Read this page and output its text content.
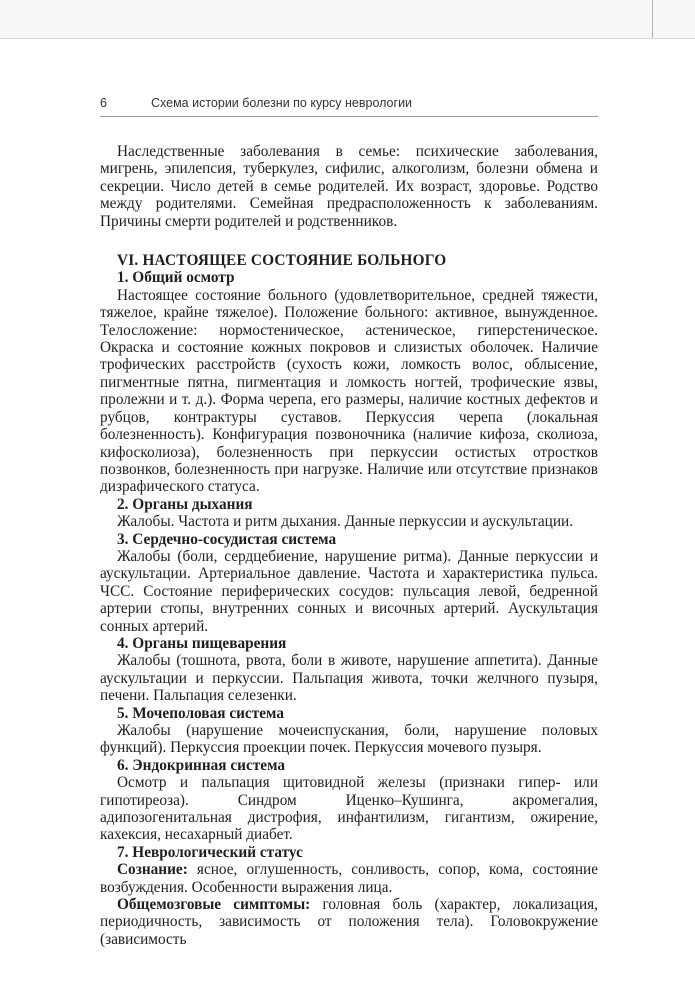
6	Схема истории болезни по курсу неврологии

Наследственные заболевания в семье: психические заболевания, мигрень, эпилепсия, туберкулез, сифилис, алкоголизм, болезни обмена и секреции. Число детей в семье родителей. Их возраст, здоровье. Родство между родителями. Семейная предрасположенность к заболеваниям. Причины смерти родителей и родственников.

VI. НАСТОЯЩЕЕ СОСТОЯНИЕ БОЛЬНОГО
1. Общий осмотр

Настоящее состояние больного (удовлетворительное, средней тяжести, тяжелое, крайне тяжелое). Положение больного: активное, вынужденное. Телосложение: нормостеническое, астеническое, гиперстеническое. Окраска и состояние кожных покровов и слизистых оболочек. Наличие трофических расстройств (сухость кожи, ломкость волос, облысение, пигментные пятна, пигментация и ломкость ногтей, трофические язвы, пролежни и т. д.). Форма черепа, его размеры, наличие костных дефектов и рубцов, контрактуры суставов. Перкуссия черепа (локальная болезненность). Конфигурация позвоночника (наличие кифоза, сколиоза, кифосколиоза), болезненность при перкуссии остистых отростков позвонков, болезненность при нагрузке. Наличие или отсутствие признаков дизрафического статуса.

2. Органы дыхания

Жалобы. Частота и ритм дыхания. Данные перкуссии и аускультации.

3. Сердечно-сосудистая система

Жалобы (боли, сердцебиение, нарушение ритма). Данные перкуссии и аускультации. Артериальное давление. Частота и характеристика пульса. ЧСС. Состояние периферических сосудов: пульсация левой, бедренной артерии стопы, внутренних сонных и височных артерий. Аускультация сонных артерий.

4. Органы пищеварения

Жалобы (тошнота, рвота, боли в животе, нарушение аппетита). Данные аускультации и перкуссии. Пальпация живота, точки желчного пузыря, печени. Пальпация селезенки.

5. Мочеполовая система

Жалобы (нарушение мочеиспускания, боли, нарушение половых функций). Перкуссия проекции почек. Перкуссия мочевого пузыря.

6. Эндокринная система

Осмотр и пальпация щитовидной железы (признаки гипер- или гипотиреоза). Синдром Иценко–Кушинга, акромегалия, адипозогенитальная дистрофия, инфантилизм, гигантизм, ожирение, кахексия, несахарный диабет.

7. Неврологический статус

Сознание: ясное, оглушенность, сонливость, сопор, кома, состояние возбуждения. Особенности выражения лица.

Общемозговые симптомы: головная боль (характер, локализация, периодичность, зависимость от положения тела). Головокружение (зависимость
